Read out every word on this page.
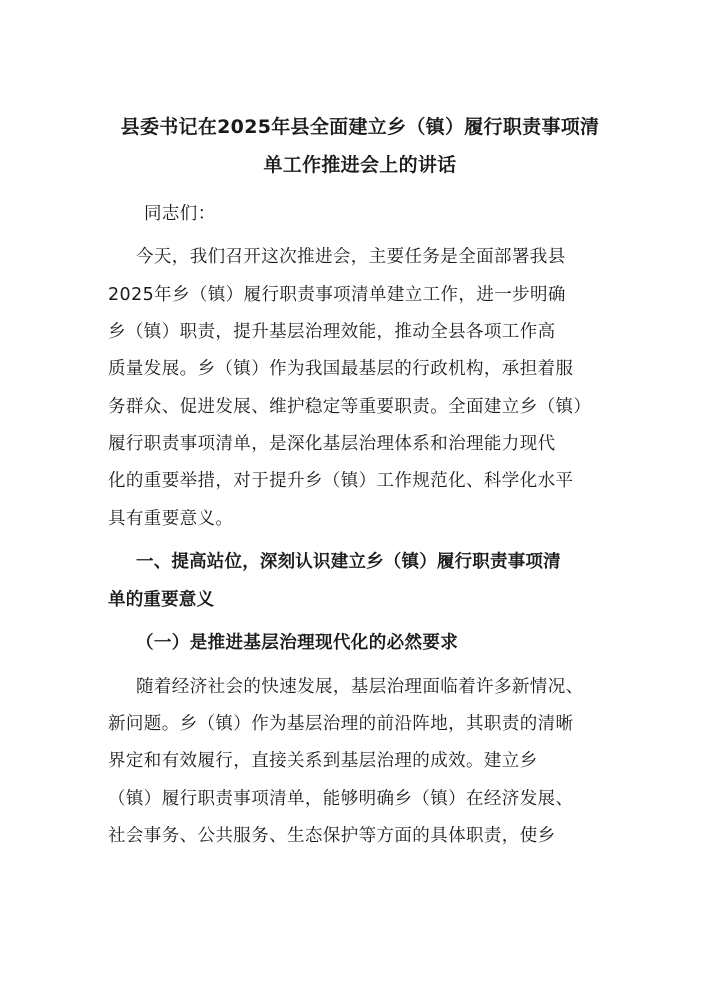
县委书记在2025年县全面建立乡（镇）履行职责事项清
单工作推进会上的讲话
同志们：
今天，我们召开这次推进会，主要任务是全面部署我县
2025年乡（镇）履行职责事项清单建立工作，进一步明确
乡（镇）职责，提升基层治理效能，推动全县各项工作高
质量发展。乡（镇）作为我国最基层的行政机构，承担着服
务群众、促进发展、维护稳定等重要职责。全面建立乡（镇）
履行职责事项清单，是深化基层治理体系和治理能力现代
化的重要举措，对于提升乡（镇）工作规范化、科学化水平
具有重要意义。
一、提高站位，深刻认识建立乡（镇）履行职责事项清
单的重要意义
（一）是推进基层治理现代化的必然要求
随着经济社会的快速发展，基层治理面临着许多新情况、
新问题。乡（镇）作为基层治理的前沿阵地，其职责的清晰
界定和有效履行，直接关系到基层治理的成效。建立乡
（镇）履行职责事项清单，能够明确乡（镇）在经济发展、
社会事务、公共服务、生态保护等方面的具体职责，使乡
